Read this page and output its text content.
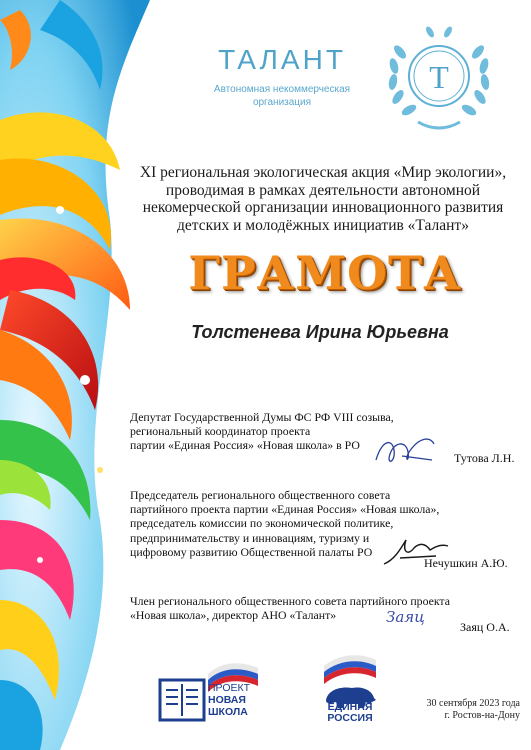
ТАЛАНТ
Автономная некоммерческая
организация
Т
XI региональная экологическая акция «Мир экологии»,
проводимая в рамках деятельности автономной
некомерческой организации инновационного развития
детских и молодёжных инициатив «Талант»
ГРАМОТА
Толстенева Ирина Юрьевна
Депутат Государственной Думы ФС РФ VIII созыва,
региональный координатор проекта
партии «Единая Россия» «Новая школа» в РО
Тутова Л.Н.
Председатель регионального общественного совета
партийного проекта партии «Единая Россия» «Новая школа»,
председатель комиссии по экономической политике,
предпринимательству и инновациям, туризму и
цифровому развитию Общественной палаты РО
Нечушкин А.Ю.
Член регионального общественного совета партийного проекта
«Новая школа», директор АНО «Талант»	Заяц
Заяц О.А.
ПРОЕКТ
НОВАЯ
ШКОЛА	ЕДИНАЯ
РОССИЯ
30 сентября 2023 года
г. Ростов-на-Дону
